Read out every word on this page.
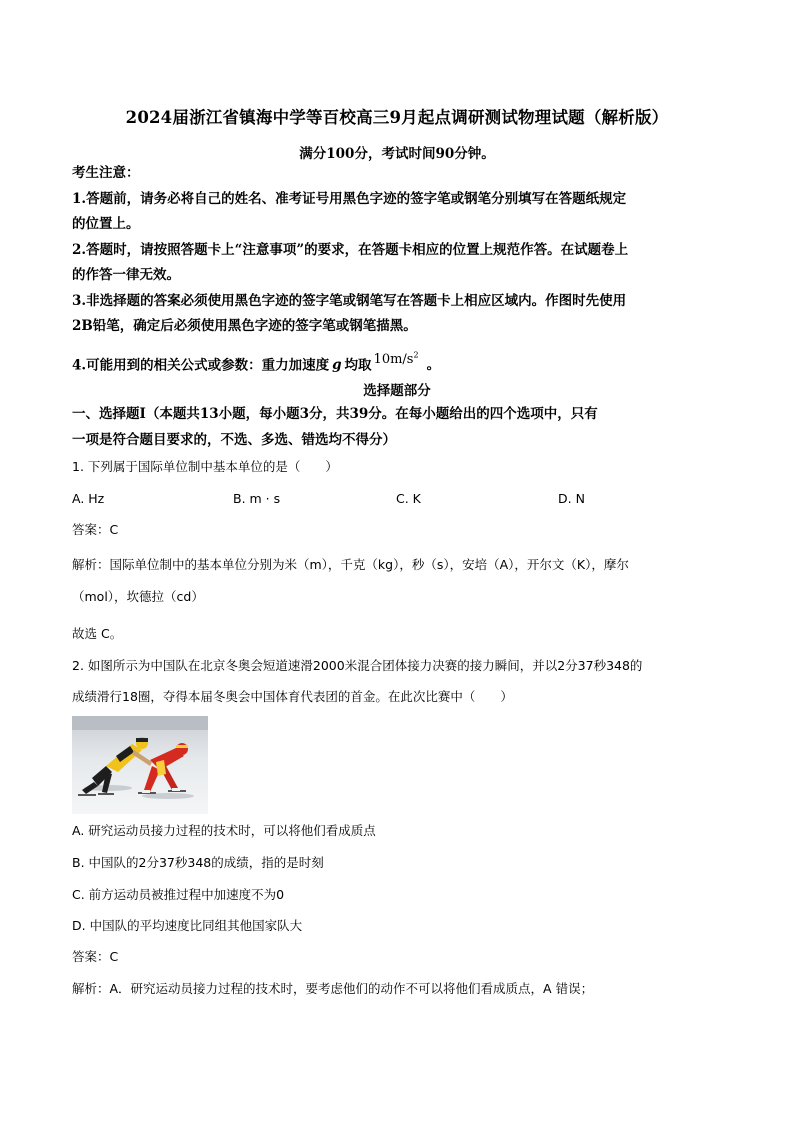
2024届浙江省镇海中学等百校高三9月起点调研测试物理试题（解析版）
满分100分，考试时间90分钟。

考生注意：

1.答题前，请务必将自己的姓名、准考证号用黑色字迹的签字笔或钢笔分别填写在答题纸规定

的位置上。

2.答题时，请按照答题卡上“注意事项”的要求，在答题卡相应的位置上规范作答。在试题卷上

的作答一律无效。

3.非选择题的答案必须使用黑色字迹的签字笔或钢笔写在答题卡上相应区域内。作图时先使用

2B铅笔，确定后必须使用黑色字迹的签字笔或钢笔描黑。

4.可能用到的相关公式或参数：重力加速度 g 均取 $10m/s^2$。
选择题部分
一、选择题Ⅰ（本题共13小题，每小题3分，共39分。在每小题给出的四个选项中，只有
一项是符合题目要求的，不选、多选、错选均不得分）
1. 下列属于国际单位制中基本单位的是（　　）
A. Hz	B. m · s	C. K	D. N
答案：C
解析：国际单位制中的基本单位分别为米（m），千克（kg），秒（s），安培（A），开尔文（K），摩尔
（mol），坎德拉（cd）
故选 C。
2. 如图所示为中国队在北京冬奥会短道速滑2000米混合团体接力决赛的接力瞬间，并以2分37秒348的
成绩滑行18圈，夺得本届冬奥会中国体育代表团的首金。在此次比赛中（　　）
A. 研究运动员接力过程的技术时，可以将他们看成质点
B. 中国队的2分37秒348的成绩，指的是时刻
C. 前方运动员被推过程中加速度不为0
D. 中国队的平均速度比同组其他国家队大
答案：C
解析：A．研究运动员接力过程的技术时，要考虑他们的动作不可以将他们看成质点，A 错误；
